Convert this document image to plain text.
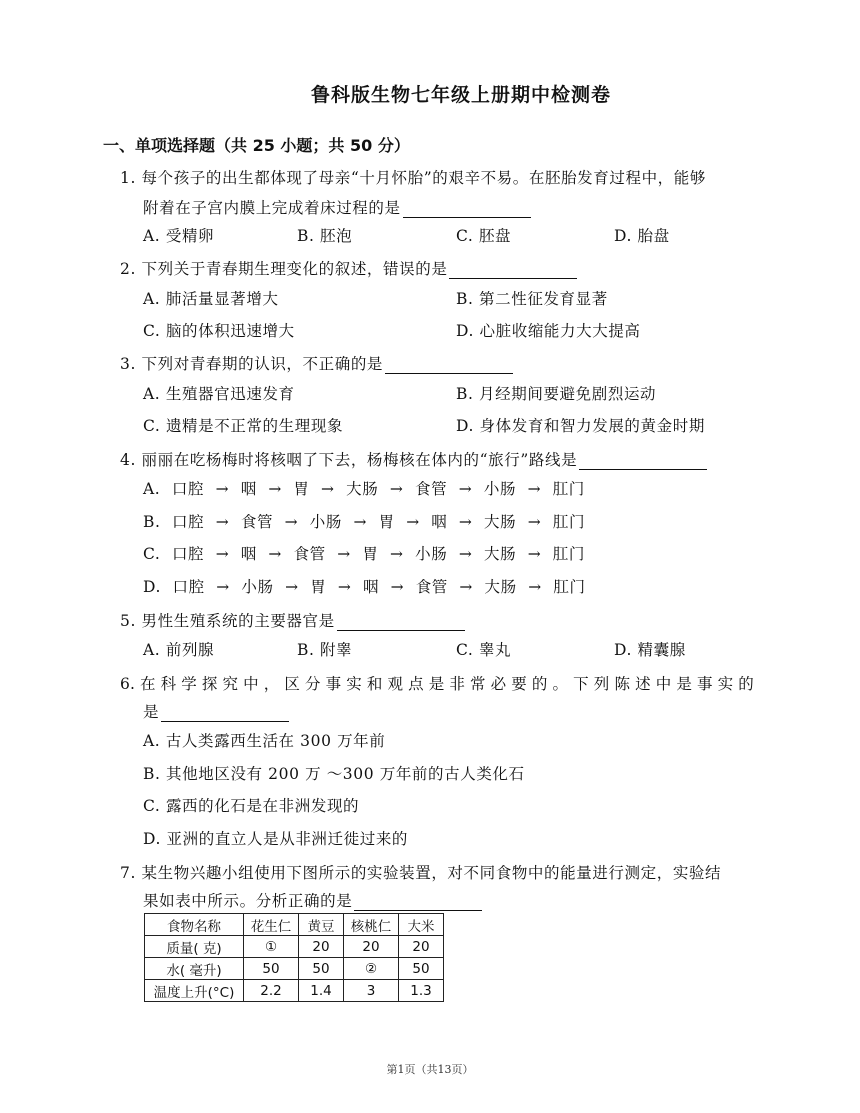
鲁科版生物七年级上册期中检测卷
一、单项选择题（共 25 小题；共 50 分）
1. 每个孩子的出生都体现了母亲“十月怀胎”的艰辛不易。在胚胎发育过程中，能够
附着在子宫内膜上完成着床过程的是
A. 受精卵	B. 胚泡	C. 胚盘	D. 胎盘
2. 下列关于青春期生理变化的叙述，错误的是
A. 肺活量显著增大	B. 第二性征发育显著
C. 脑的体积迅速增大	D. 心脏收缩能力大大提高
3. 下列对青春期的认识，不正确的是
A. 生殖器官迅速发育	B. 月经期间要避免剧烈运动
C. 遗精是不正常的生理现象	D. 身体发育和智力发展的黄金时期
4. 丽丽在吃杨梅时将核咽了下去，杨梅核在体内的“旅行”路线是
A. 口腔 → 咽 → 胃 → 大肠 → 食管 → 小肠 → 肛门
B. 口腔 → 食管 → 小肠 → 胃 → 咽 → 大肠 → 肛门
C. 口腔 → 咽 → 食管 → 胃 → 小肠 → 大肠 → 肛门
D. 口腔 → 小肠 → 胃 → 咽 → 食管 → 大肠 → 肛门
5. 男性生殖系统的主要器官是
A. 前列腺	B. 附睾	C. 睾丸	D. 精囊腺
6. 在 科 学 探 究 中 ， 区 分 事 实 和 观 点 是 非 常 必 要 的 。 下 列 陈 述 中 是 事 实 的
是
A. 古人类露西生活在 300 万年前
B. 其他地区没有 200 万 ～300 万年前的古人类化石
C. 露西的化石是在非洲发现的
D. 亚洲的直立人是从非洲迁徙过来的
7. 某生物兴趣小组使用下图所示的实验装置，对不同食物中的能量进行测定，实验结
果如表中所示。分析正确的是
食物名称	花生仁	黄豆	核桃仁	大米
质量( 克)	①	20	20	20
水( 毫升)	50	50	②	50
温度上升(°C)	2.2	1.4	3	1.3
第1页（共13页）
